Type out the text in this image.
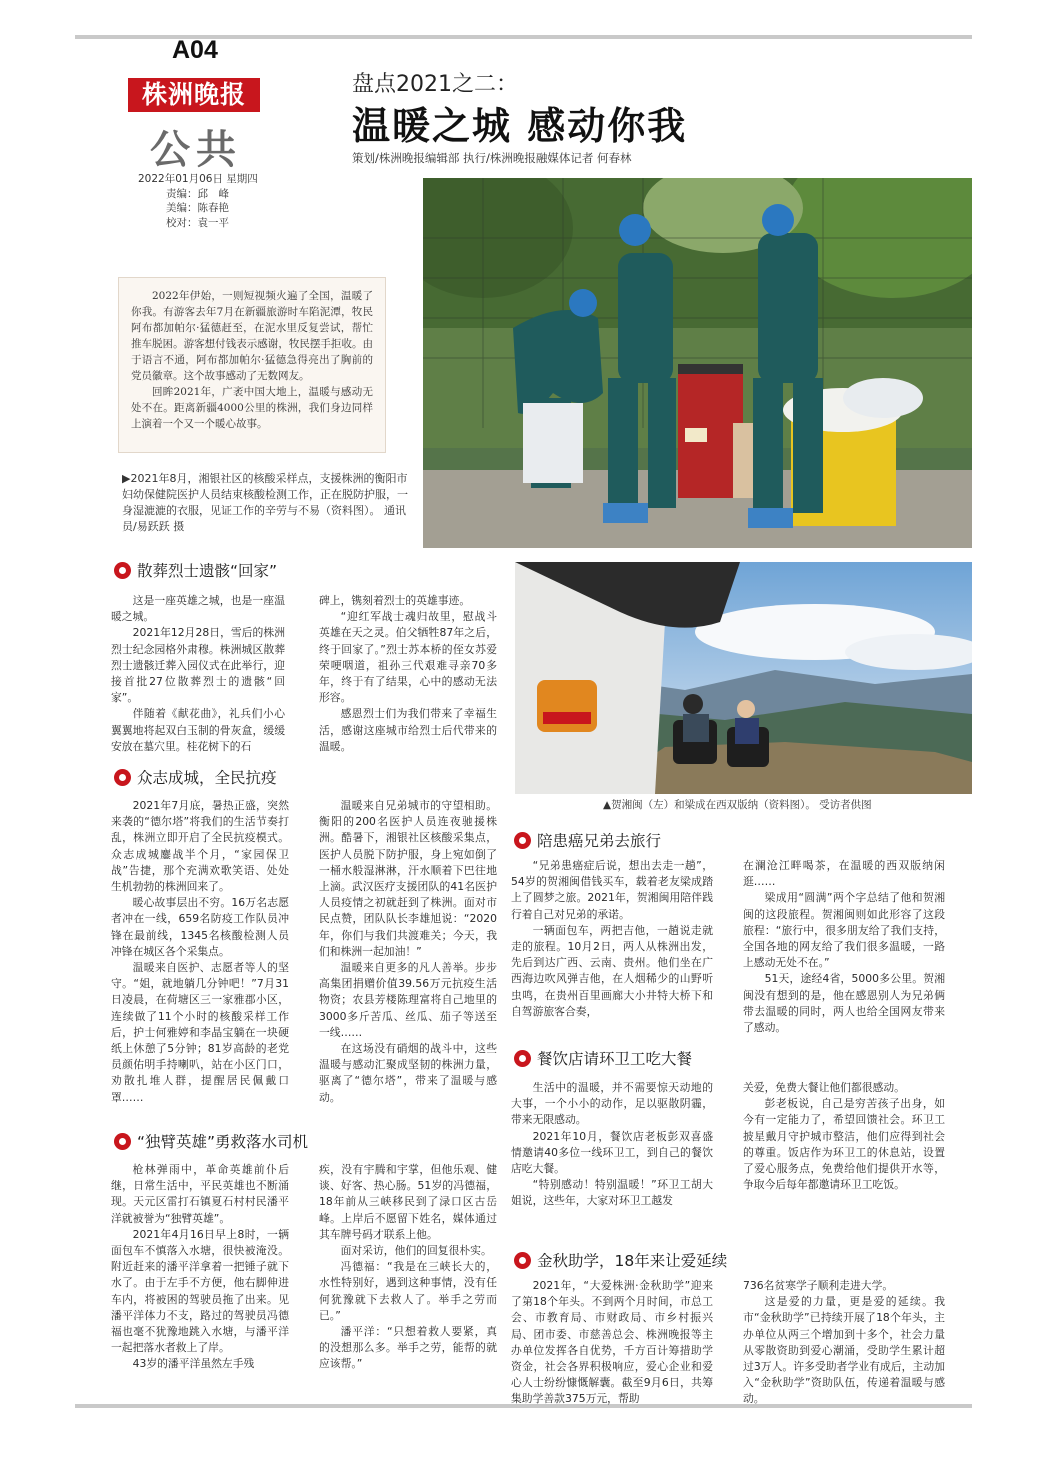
A04
株洲晚报
公共
2022年01月06日 星期四
责编：邱　峰
美编：陈春艳
校对：袁一平
盘点2021之二：
温暖之城 感动你我
策划/株洲晚报编辑部 执行/株洲晚报融媒体记者 何春林

2022年伊始，一则短视频火遍了全国，温暖了你我。有游客去年7月在新疆旅游时车陷泥潭，牧民阿布都加帕尔·猛德赶至，在泥水里反复尝试，帮忙推车脱困。游客想付钱表示感谢，牧民摆手拒收。由于语言不通，阿布都加帕尔·猛德急得亮出了胸前的党员徽章。这个故事感动了无数网友。

回眸2021年，广袤中国大地上，温暖与感动无处不在。距离新疆4000公里的株洲，我们身边同样上演着一个又一个暖心故事。

▶2021年8月，湘银社区的核酸采样点，支援株洲的衡阳市妇幼保健院医护人员结束核酸检测工作，正在脱防护服，一身湿漉漉的衣服，见证工作的辛劳与不易（资料图）。 通讯员/易跃跃 摄
▲贺湘闽（左）和梁成在西双版纳（资料图）。 受访者供图
散葬烈士遗骸“回家”

这是一座英雄之城，也是一座温暖之城。

2021年12月28日，雪后的株洲烈士纪念园格外肃穆。株洲城区散葬烈士遗骸迁葬入园仪式在此举行，迎接首批27位散葬烈士的遗骸“回家”。

伴随着《献花曲》，礼兵们小心翼翼地将起双白玉制的骨灰盒，缓缓安放在墓穴里。桂花树下的石

碑上，镌刻着烈士的英雄事迹。

“迎红军战士魂归故里，慰战斗英雄在天之灵。伯父牺牲87年之后，终于回家了。”烈士苏本桥的侄女苏爱荣哽咽道，祖孙三代艰难寻亲70多年，终于有了结果，心中的感动无法形容。

感恩烈士们为我们带来了幸福生活，感谢这座城市给烈士后代带来的温暖。

众志成城，全民抗疫

2021年7月底，暑热正盛，突然来袭的“德尔塔”将我们的生活节奏打乱，株洲立即开启了全民抗疫模式。众志成城鏖战半个月，“家园保卫战”告捷，那个充满欢歌笑语、处处生机勃勃的株洲回来了。

暖心故事层出不穷。16万名志愿者冲在一线，659名防疫工作队员冲锋在最前线，1345名核酸检测人员冲锋在城区各个采集点。

温暖来自医护、志愿者等人的坚守。“姐，就地躺几分钟吧！”7月31日凌晨，在荷塘区三一家雅郡小区，连续做了11个小时的核酸采样工作后，护士何雅婷和李晶宝躺在一块硬纸上休憩了5分钟；81岁高龄的老党员颜佑明手持喇叭，站在小区门口，劝散扎堆人群，提醒居民佩戴口罩……

温暖来自兄弟城市的守望相助。衡阳的200名医护人员连夜驰援株洲。酷暑下，湘银社区核酸采集点，医护人员脱下防护服，身上宛如倒了一桶水般湿淋淋，汗水顺着下巴往地上滴。武汉医疗支援团队的41名医护人员疫情之初就赶到了株洲。面对市民点赞，团队队长李雄旭说：“2020年，你们与我们共渡难关；今天，我们和株洲一起加油！”

温暖来自更多的凡人善举。步步高集团捐赠价值39.56万元抗疫生活物资；农县芳楼陈理富将自己地里的3000多斤苦瓜、丝瓜、茄子等送至一线……

在这场没有硝烟的战斗中，这些温暖与感动汇聚成坚韧的株洲力量，驱离了“德尔塔”，带来了温暖与感动。

“独臂英雄”勇救落水司机

枪林弹雨中，革命英雄前仆后继，日常生活中，平民英雄也不断涌现。天元区雷打石镇夏石村村民潘平洋就被誉为“独臂英雄”。

2021年4月16日早上8时，一辆面包车不慎落入水塘，很快被淹没。附近赶来的潘平洋拿着一把锤子就下水了。由于左手不方便，他右脚伸进车内，将被困的驾驶员拖了出来。见潘平洋体力不支，路过的驾驶员冯德福也毫不犹豫地跳入水塘，与潘平洋一起把落水者救上了岸。

43岁的潘平洋虽然左手残

疾，没有宇腾和宇掌，但他乐观、健谈、好客、热心肠。51岁的冯德福，18年前从三峡移民到了渌口区古岳峰。上岸后不愿留下姓名，媒体通过其车牌号码才联系上他。

面对采访，他们的回复很朴实。

冯德福：“我是在三峡长大的，水性特别好，遇到这种事情，没有任何犹豫就下去救人了。举手之劳而已。”

潘平洋：“只想着救人要紧，真的没想那么多。举手之劳，能帮的就应该帮。”

陪患癌兄弟去旅行

“兄弟患癌症后说，想出去走一趟”，54岁的贺湘闽借钱买车，载着老友梁成踏上了圆梦之旅。2021年，贺湘闽用陪伴践行着自己对兄弟的承诺。

一辆面包车，两把吉他，一趟说走就走的旅程。10月2日，两人从株洲出发，先后到达广西、云南、贵州。他们坐在广西海边吹风弹吉他，在人烟稀少的山野听虫鸣，在贵州百里画廊大小井特大桥下和自驾游旅客合奏，

在澜沧江畔喝茶，在温暖的西双版纳闲逛……

梁成用“圆满”两个字总结了他和贺湘闽的这段旅程。贺湘闽则如此形容了这段旅程：“旅行中，很多朋友给了我们支持，全国各地的网友给了我们很多温暖，一路上感动无处不在。”

51天，途经4省，5000多公里。贺湘闽没有想到的是，他在感恩别人为兄弟俩带去温暖的同时，两人也给全国网友带来了感动。

餐饮店请环卫工吃大餐

生活中的温暖，并不需要惊天动地的大事，一个小小的动作，足以驱散阴霾，带来无限感动。

2021年10月，餐饮店老板彭双喜盛情邀请40多位一线环卫工，到自己的餐饮店吃大餐。

“特别感动！特别温暖！”环卫工胡大姐说，这些年，大家对环卫工越发

关爱，免费大餐让他们都很感动。

彭老板说，自己是穷苦孩子出身，如今有一定能力了，希望回馈社会。环卫工披星戴月守护城市整洁，他们应得到社会的尊重。饭店作为环卫工的休息站，设置了爱心服务点，免费给他们提供开水等，争取今后每年都邀请环卫工吃饭。

金秋助学，18年来让爱延续

2021年，“大爱株洲·金秋助学”迎来了第18个年头。不到两个月时间，市总工会、市教育局、市财政局、市乡村振兴局、团市委、市慈善总会、株洲晚报等主办单位发挥各自优势，千方百计筹措助学资金，社会各界积极响应，爱心企业和爱心人士纷纷慷慨解囊。截至9月6日，共筹集助学善款375万元，帮助

736名贫寒学子顺利走进大学。

这是爱的力量，更是爱的延续。我市“金秋助学”已持续开展了18个年头，主办单位从两三个增加到十多个，社会力量从零散资助到爱心潮涌，受助学生累计超过3万人。许多受助者学业有成后，主动加入“金秋助学”资助队伍，传递着温暖与感动。
